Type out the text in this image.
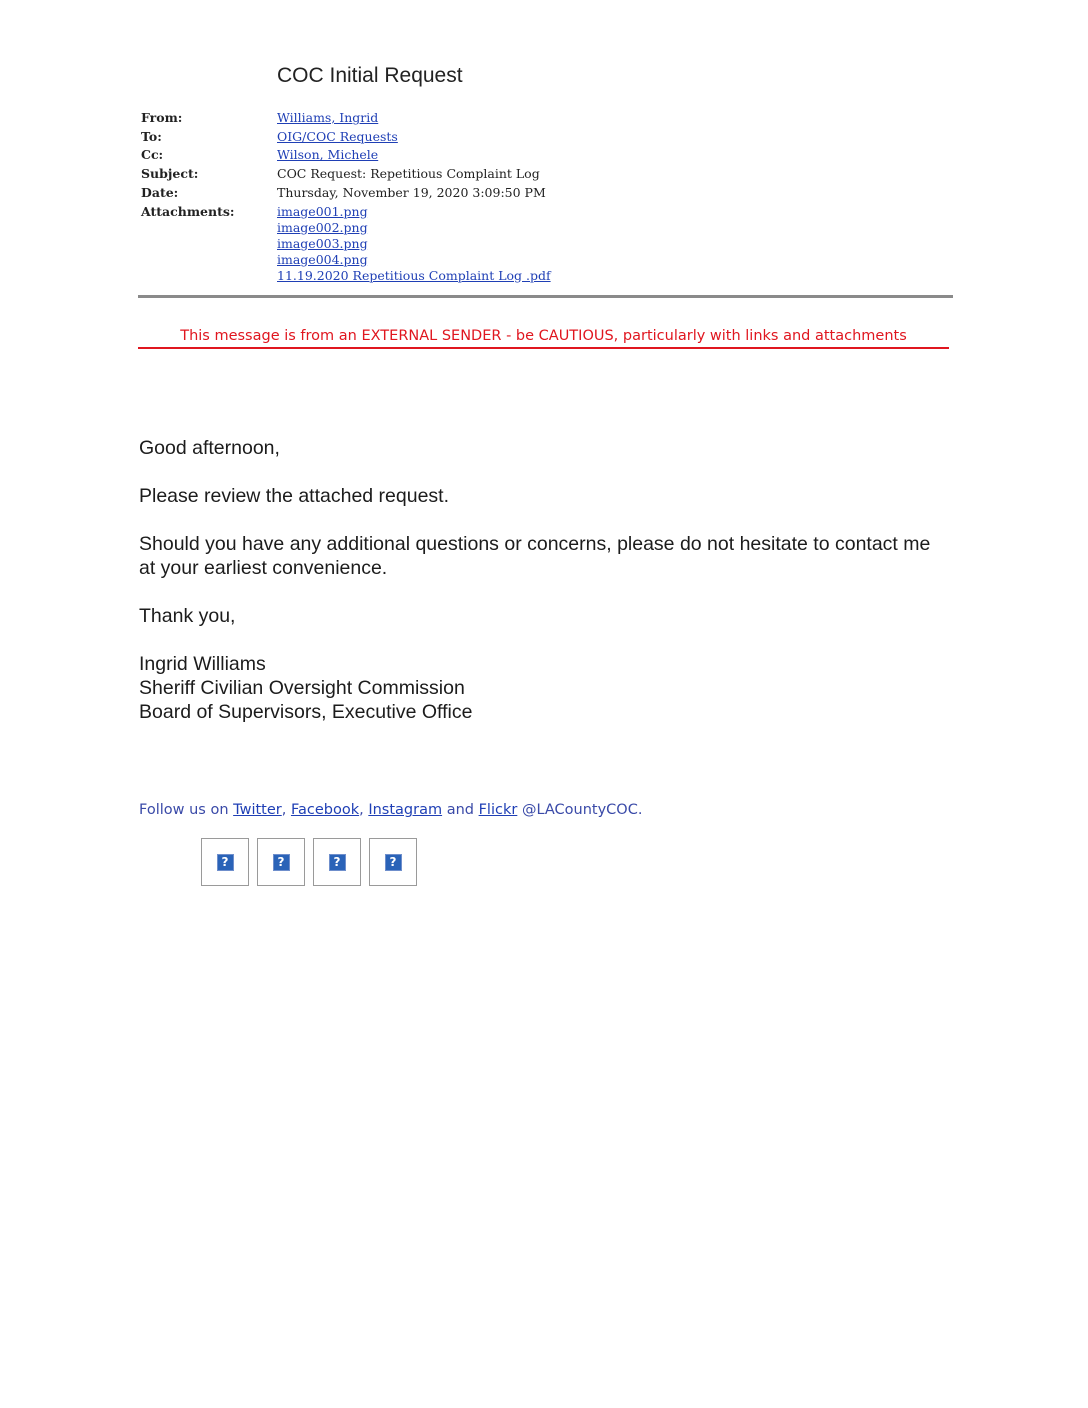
COC Initial Request
From:	Williams, Ingrid
To:	OIG/COC Requests
Cc:	Wilson, Michele
Subject:	COC Request: Repetitious Complaint Log
Date:	Thursday, November 19, 2020 3:09:50 PM
Attachments:	image001.png
image002.png
image003.png
image004.png
11.19.2020 Repetitious Complaint Log .pdf
This message is from an EXTERNAL SENDER - be CAUTIOUS, particularly with links and attachments

Good afternoon,

Please review the attached request.

Should you have any additional questions or concerns, please do not hesitate to contact me at your earliest convenience.

Thank you,

Ingrid Williams
Sheriff Civilian Oversight Commission
Board of Supervisors, Executive Office
Follow us on Twitter, Facebook, Instagram and Flickr @LACountyCOC.
?	?	?	?
